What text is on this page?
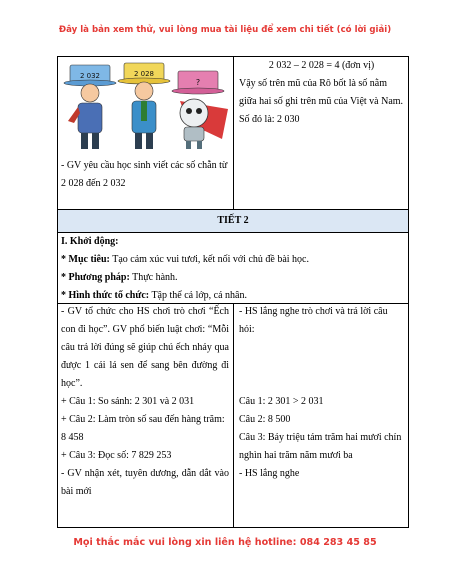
Đây là bản xem thử, vui lòng mua tài liệu để xem chi tiết (có lời giải)
2 032	2 028
?
- GV yêu cầu học sinh viết các số chẵn từ 2 028 đến 2 032
2 032 – 2 028 = 4 (đơn vị)
Vậy số trên mũ của Rô bốt là số nằm giữa hai số ghi trên mũ của Việt và Nam.
Số đó là: 2 030
TIẾT 2
I. Khởi động:
* Mục tiêu: Tạo cảm xúc vui tươi, kết nối với chủ đề bài học.
* Phương pháp: Thực hành.
* Hình thức tổ chức: Tập thể cả lớp, cá nhân.
- GV tổ chức cho HS chơi trò chơi “Ếch con đi học”. GV phổ biến luật chơi: “Mỗi câu trả lời đúng sẽ giúp chú ếch nhảy qua được 1 cái lá sen để sang bên đường đi học”.
+ Câu 1: So sánh: 2 301 và 2 031
+ Câu 2: Làm tròn số sau đến hàng trăm:
8 458
+ Câu 3: Đọc số: 7 829 253
- GV nhận xét, tuyên dương, dẫn dắt vào bài mới
- HS lắng nghe trò chơi và trả lời câu hỏi:
Câu 1: 2 301 > 2 031
Câu 2: 8 500
Câu 3: Bảy triệu tám trăm hai mươi chín nghìn hai trăm năm mươi ba
- HS lắng nghe
Mọi thắc mắc vui lòng xin liên hệ hotline: 084 283 45 85
